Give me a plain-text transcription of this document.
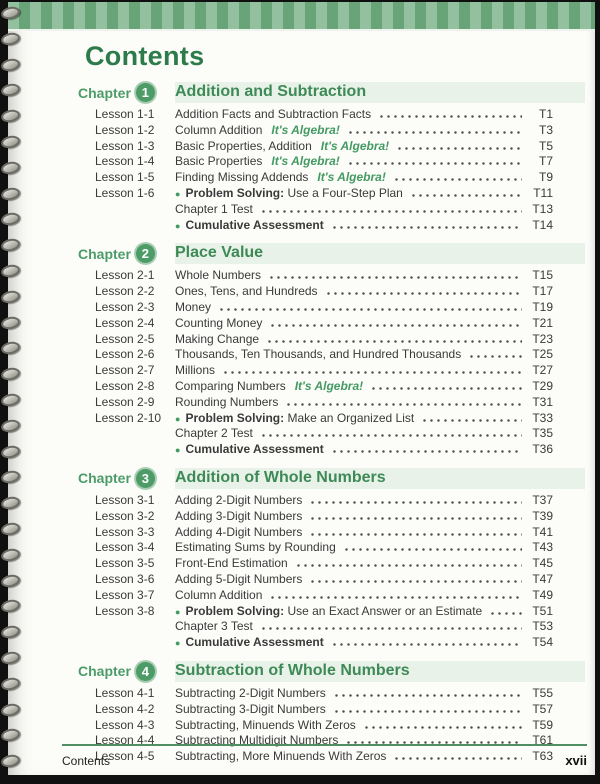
Contents
Chapter 1	Addition and Subtraction
Lesson 1-1	Addition Facts and Subtraction Facts	T1
Lesson 1-2	Column Addition It's Algebra!	T3
Lesson 1-3	Basic Properties, Addition It's Algebra!	T5
Lesson 1-4	Basic Properties It's Algebra!	T7
Lesson 1-5	Finding Missing Addends It's Algebra!	T9
Lesson 1-6	● Problem Solving: Use a Four-Step Plan	T11
Chapter 1 Test	T13
● Cumulative Assessment	T14
Chapter 2	Place Value
Lesson 2-1	Whole Numbers	T15
Lesson 2-2	Ones, Tens, and Hundreds	T17
Lesson 2-3	Money	T19
Lesson 2-4	Counting Money	T21
Lesson 2-5	Making Change	T23
Lesson 2-6	Thousands, Ten Thousands, and Hundred Thousands	T25
Lesson 2-7	Millions	T27
Lesson 2-8	Comparing Numbers It's Algebra!	T29
Lesson 2-9	Rounding Numbers	T31
Lesson 2-10	● Problem Solving: Make an Organized List	T33
Chapter 2 Test	T35
● Cumulative Assessment	T36
Chapter 3	Addition of Whole Numbers
Lesson 3-1	Adding 2-Digit Numbers	T37
Lesson 3-2	Adding 3-Digit Numbers	T39
Lesson 3-3	Adding 4-Digit Numbers	T41
Lesson 3-4	Estimating Sums by Rounding	T43
Lesson 3-5	Front-End Estimation	T45
Lesson 3-6	Adding 5-Digit Numbers	T47
Lesson 3-7	Column Addition	T49
Lesson 3-8	● Problem Solving: Use an Exact Answer or an Estimate	T51
Chapter 3 Test	T53
● Cumulative Assessment	T54
Chapter 4	Subtraction of Whole Numbers
Lesson 4-1	Subtracting 2-Digit Numbers	T55
Lesson 4-2	Subtracting 3-Digit Numbers	T57
Lesson 4-3	Subtracting, Minuends With Zeros	T59
Lesson 4-4	Subtracting Multidigit Numbers	T61
Lesson 4-5	Subtracting, More Minuends With Zeros	T63
Contents	xvii
